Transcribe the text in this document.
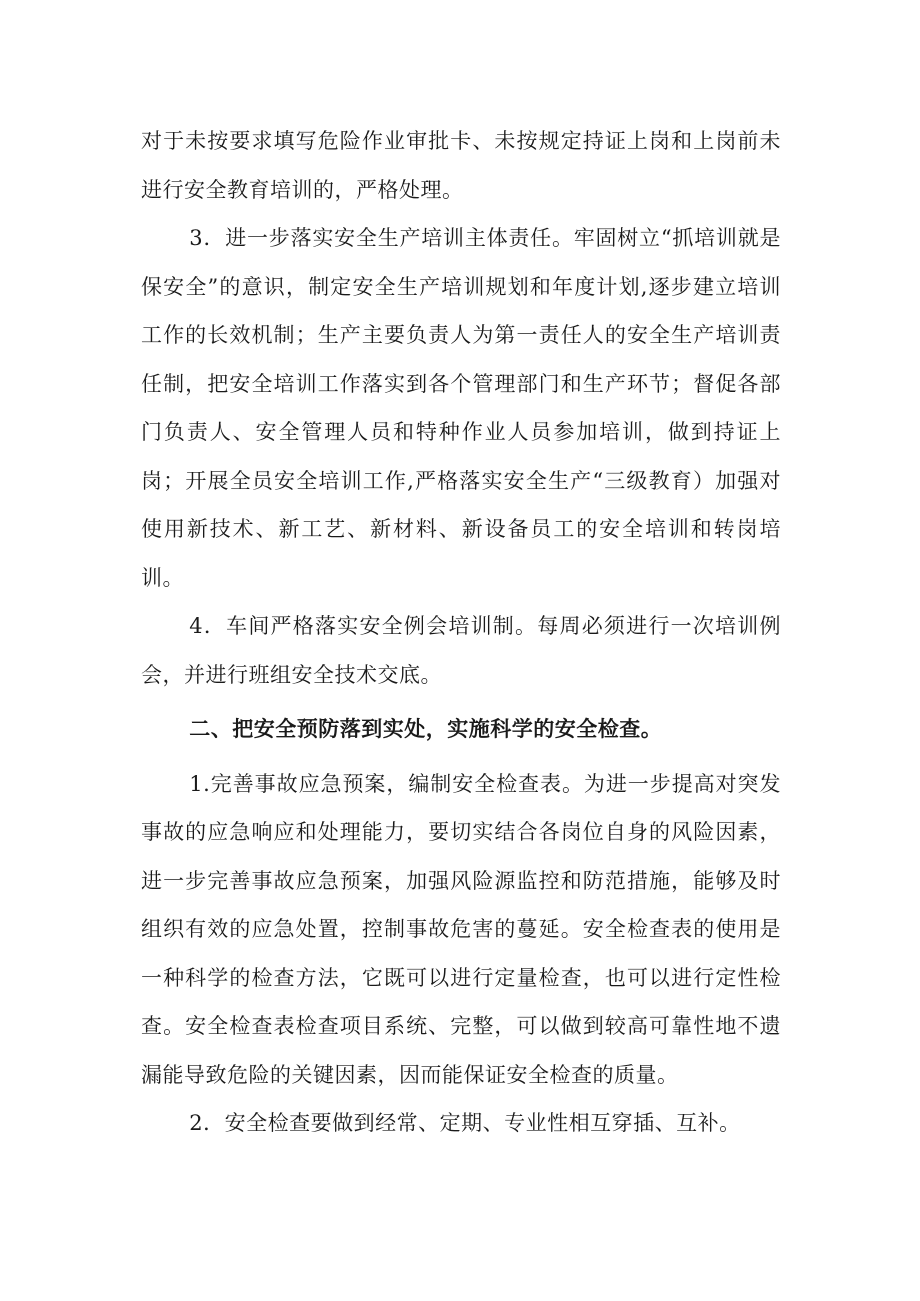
对于未按要求填写危险作业审批卡、未按规定持证上岗和上岗前未进行安全教育培训的，严格处理。

3．进一步落实安全生产培训主体责任。牢固树立“抓培训就是保安全”的意识，制定安全生产培训规划和年度计划,逐步建立培训工作的长效机制；生产主要负责人为第一责任人的安全生产培训责任制，把安全培训工作落实到各个管理部门和生产环节；督促各部门负责人、安全管理人员和特种作业人员参加培训，做到持证上岗；开展全员安全培训工作,严格落实安全生产“三级教育）加强对使用新技术、新工艺、新材料、新设备员工的安全培训和转岗培训。

4．车间严格落实安全例会培训制。每周必须进行一次培训例会，并进行班组安全技术交底。

二、把安全预防落到实处，实施科学的安全检查。

1.完善事故应急预案，编制安全检查表。为进一步提高对突发事故的应急响应和处理能力，要切实结合各岗位自身的风险因素，进一步完善事故应急预案，加强风险源监控和防范措施，能够及时组织有效的应急处置，控制事故危害的蔓延。安全检查表的使用是一种科学的检查方法，它既可以进行定量检查，也可以进行定性检查。安全检查表检查项目系统、完整，可以做到较高可靠性地不遗漏能导致危险的关键因素，因而能保证安全检查的质量。

2．安全检查要做到经常、定期、专业性相互穿插、互补。
